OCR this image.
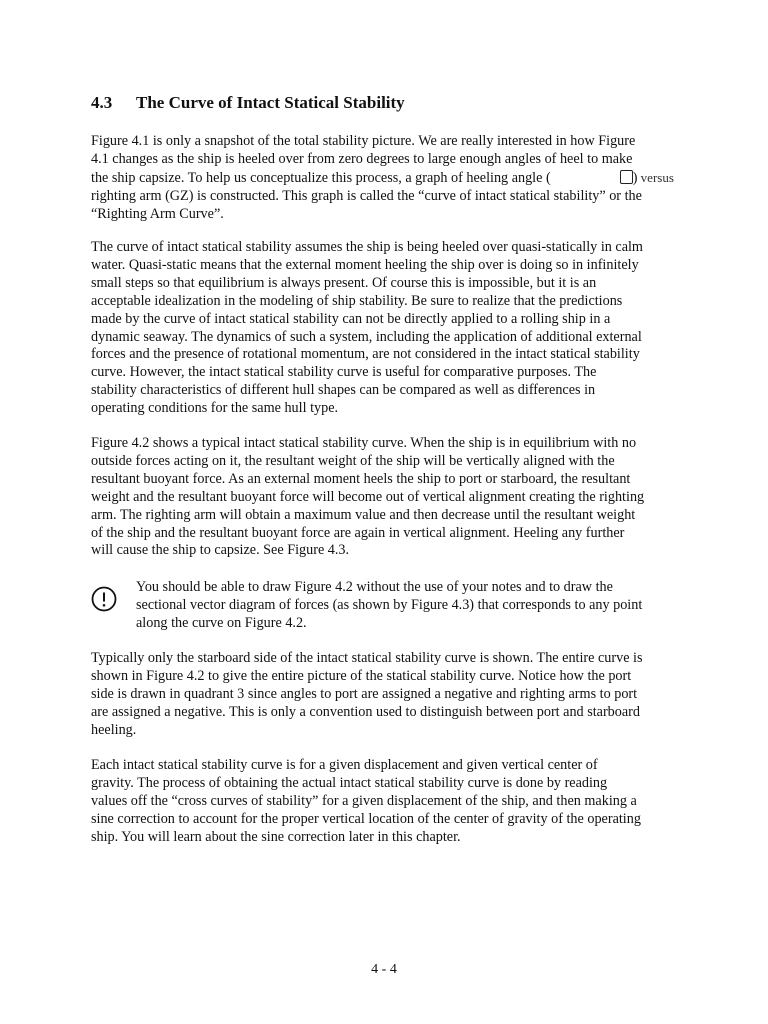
4.3 The Curve of Intact Statical Stability
Figure 4.1 is only a snapshot of the total stability picture. We are really interested in how Figure
4.1 changes as the ship is heeled over from zero degrees to large enough angles of heel to make
the ship capsize. To help us conceptualize this process, a graph of heeling angle (	) versus
righting arm (GZ) is constructed. This graph is called the “curve of intact statical stability” or the
“Righting Arm Curve”.
The curve of intact statical stability assumes the ship is being heeled over quasi-statically in calm
water. Quasi-static means that the external moment heeling the ship over is doing so in infinitely
small steps so that equilibrium is always present. Of course this is impossible, but it is an
acceptable idealization in the modeling of ship stability. Be sure to realize that the predictions
made by the curve of intact statical stability can not be directly applied to a rolling ship in a
dynamic seaway. The dynamics of such a system, including the application of additional external
forces and the presence of rotational momentum, are not considered in the intact statical stability
curve. However, the intact statical stability curve is useful for comparative purposes. The
stability characteristics of different hull shapes can be compared as well as differences in
operating conditions for the same hull type.
Figure 4.2 shows a typical intact statical stability curve. When the ship is in equilibrium with no
outside forces acting on it, the resultant weight of the ship will be vertically aligned with the
resultant buoyant force. As an external moment heels the ship to port or starboard, the resultant
weight and the resultant buoyant force will become out of vertical alignment creating the righting
arm. The righting arm will obtain a maximum value and then decrease until the resultant weight
of the ship and the resultant buoyant force are again in vertical alignment. Heeling any further
will cause the ship to capsize. See Figure 4.3.
You should be able to draw Figure 4.2 without the use of your notes and to draw the
sectional vector diagram of forces (as shown by Figure 4.3) that corresponds to any point
along the curve on Figure 4.2.
Typically only the starboard side of the intact statical stability curve is shown. The entire curve is
shown in Figure 4.2 to give the entire picture of the statical stability curve. Notice how the port
side is drawn in quadrant 3 since angles to port are assigned a negative and righting arms to port
are assigned a negative. This is only a convention used to distinguish between port and starboard
heeling.
Each intact statical stability curve is for a given displacement and given vertical center of
gravity. The process of obtaining the actual intact statical stability curve is done by reading
values off the “cross curves of stability” for a given displacement of the ship, and then making a
sine correction to account for the proper vertical location of the center of gravity of the operating
ship. You will learn about the sine correction later in this chapter.
4 - 4
